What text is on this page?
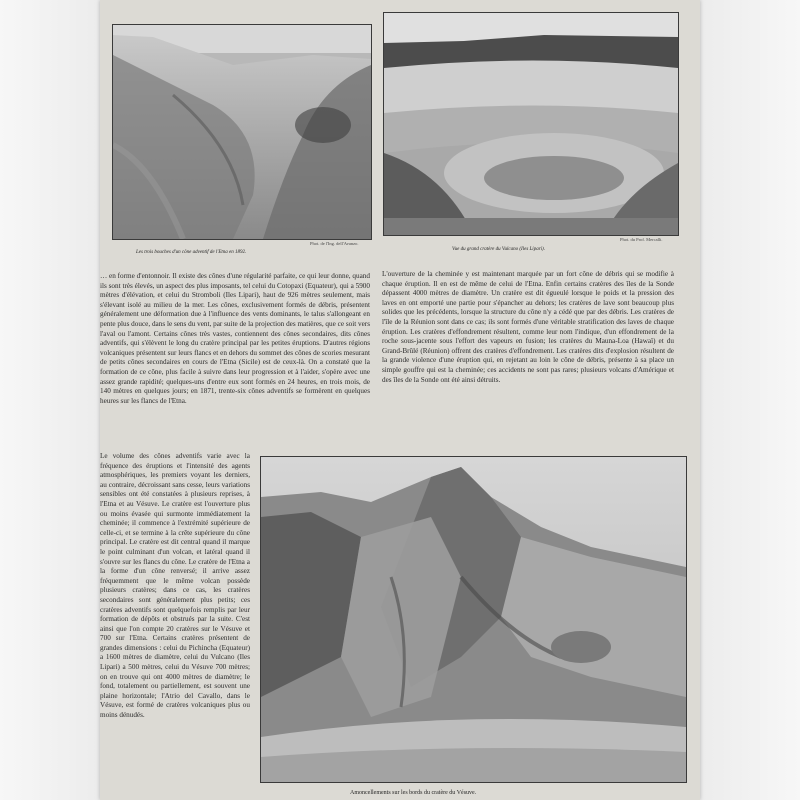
Phot. de l'Ing. dell'Avanzo.
Les trois bouches d'un cône adventif de l'Etna en 1892.
Phot. du Prof. Mercalli.
Vue du grand cratère du Vulcano (Iles Lipari).

L'ouverture de la cheminée y est maintenant marquée par un fort cône de débris qui se modifie à chaque éruption. Il en est de même de celui de l'Etna. Enfin certains cratères des îles de la Sonde dépassent 4000 mètres de diamètre. Un cratère est dit égueulé lorsque le poids et la pression des laves en ont emporté une partie pour s'épancher au dehors; les cratères de lave sont beaucoup plus solides que les précédents, lorsque la structure du cône n'y a cédé que par des débris. Les cratères de l'île de la Réunion sont dans ce cas; ils sont formés d'une véritable stratification des laves de chaque éruption. Les cratères d'effondrement résultent, comme leur nom l'indique, d'un effondrement de la roche sous-jacente sous l'effort des vapeurs en fusion; les cratères du Mauna-Loa (Hawaï) et du Grand-Brûlé (Réunion) offrent des cratères d'effondrement. Les cratères dits d'explosion résultent de la grande violence d'une éruption qui, en rejetant au loin le cône de débris, présente à sa place un simple gouffre qui est la cheminée; ces accidents ne sont pas rares; plusieurs volcans d'Amérique et des îles de la Sonde ont été ainsi détruits.

… en forme d'entonnoir. Il existe des cônes d'une régularité parfaite, ce qui leur donne, quand ils sont très élevés, un aspect des plus imposants, tel celui du Cotopaxi (Equateur), qui a 5900 mètres d'élévation, et celui du Stromboli (Iles Lipari), haut de 926 mètres seulement, mais s'élevant isolé au milieu de la mer. Les cônes, exclusivement formés de débris, présentent généralement une déformation due à l'influence des vents dominants, le talus s'allongeant en pente plus douce, dans le sens du vent, par suite de la projection des matières, que ce soit vers l'aval ou l'amont. Certains cônes très vastes, contiennent des cônes secondaires, dits cônes adventifs, qui s'élèvent le long du cratère principal par les petites éruptions. D'autres régions volcaniques présentent sur leurs flancs et en dehors du sommet des cônes de scories mesurant de petits cônes secondaires en cours de l'Etna (Sicile) est de ceux-là. On a constaté que la formation de ce cône, plus facile à suivre dans leur progression et à l'aider, s'opère avec une assez grande rapidité; quelques-uns d'entre eux sont formés en 24 heures, en trois mois, de 140 mètres en quelques jours; en 1871, trente-six cônes adventifs se formèrent en quelques heures sur les flancs de l'Etna.

Le volume des cônes adventifs varie avec la fréquence des éruptions et l'intensité des agents atmosphériques, les premiers voyant les derniers, au contraire, décroissant sans cesse, leurs variations sensibles ont été constatées à plusieurs reprises, à l'Etna et au Vésuve. Le cratère est l'ouverture plus ou moins évasée qui surmonte immédiatement la cheminée; il commence à l'extrémité supérieure de celle-ci, et se termine à la crête supérieure du cône principal. Le cratère est dit central quand il marque le point culminant d'un volcan, et latéral quand il s'ouvre sur les flancs du cône. Le cratère de l'Etna a la forme d'un cône renversé; il arrive assez fréquemment que le même volcan possède plusieurs cratères; dans ce cas, les cratères secondaires sont généralement plus petits; ces cratères adventifs sont quelquefois remplis par leur formation de dépôts et obstrués par la suite. C'est ainsi que l'on compte 20 cratères sur le Vésuve et 700 sur l'Etna. Certains cratères présentent de grandes dimensions : celui du Pichincha (Equateur) a 1600 mètres de diamètre, celui du Vulcano (Iles Lipari) a 500 mètres, celui du Vésuve 700 mètres; on en trouve qui ont 4000 mètres de diamètre; le fond, totalement ou partiellement, est souvent une plaine horizontale; l'Atrio del Cavallo, dans le Vésuve, est formé de cratères volcaniques plus ou moins dénudés.

Amoncellements sur les bords du cratère du Vésuve.
